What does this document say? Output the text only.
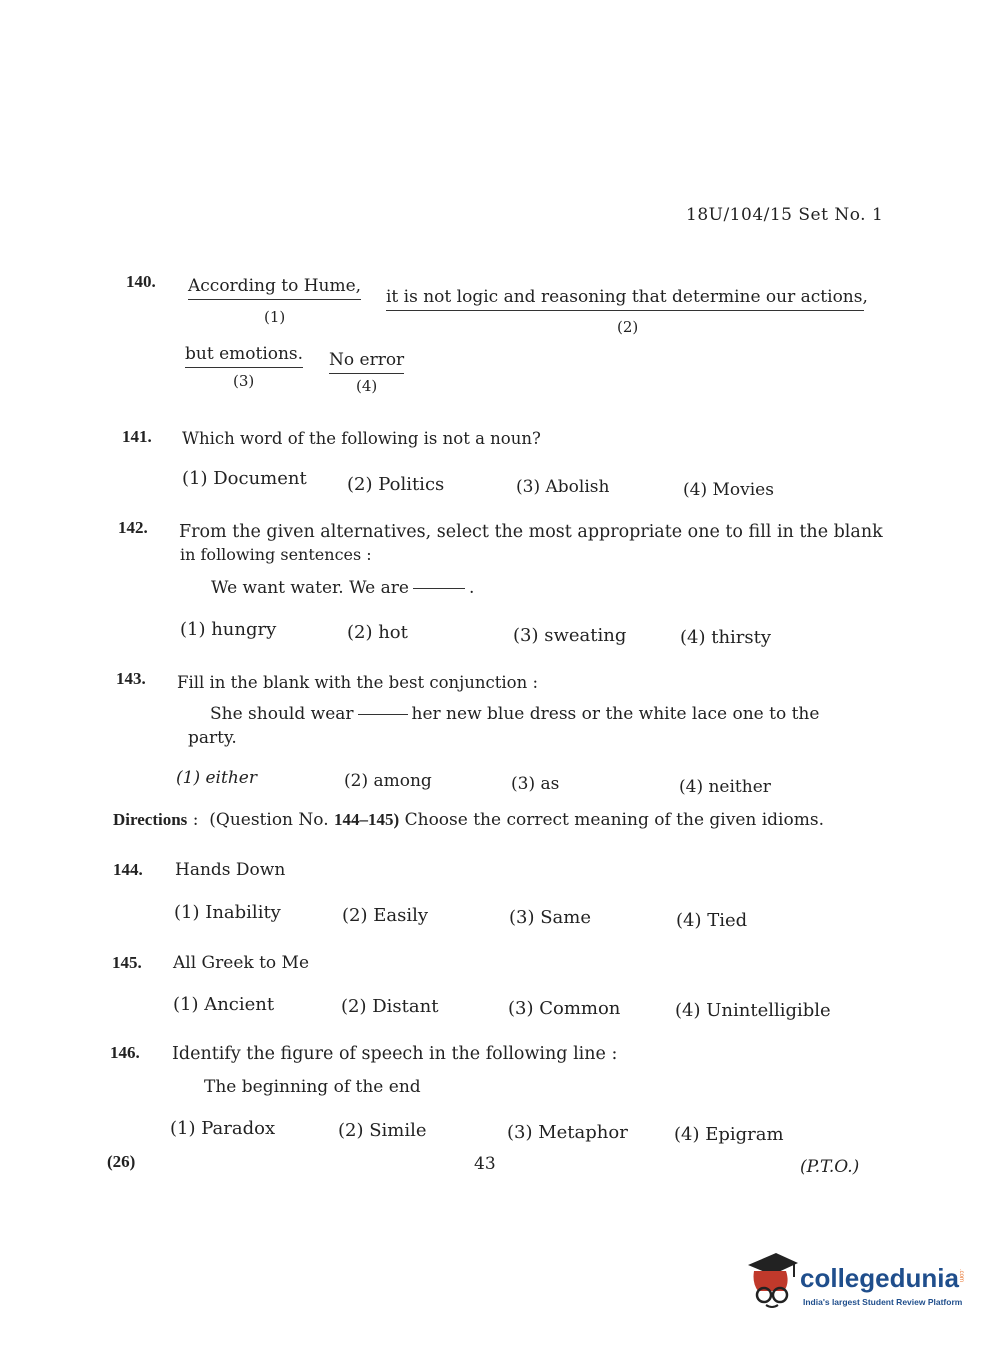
18U/104/15 Set No. 1
140. According to Hume,
(1)
it is not logic and reasoning that determine our actions,
(2)
but emotions.
(3)
No error
(4)
141. Which word of the following is not a noun?
(1) Document (2) Politics	(3) Abolish	(4) Movies
142. From the given alternatives, select the most appropriate one to fill in the blank
in following sentences :
We want water. We are	.
(1) hungry	(2) hot	(3) sweating	(4) thirsty
143. Fill in the blank with the best conjunction :
She should wear	her new blue dress or the white lace one to the
party.
(1) either	(2) among	(3) as	(4) neither
Directions : (Question No. 144–145) Choose the correct meaning of the given idioms.
144. Hands Down
(1) Inability	(2) Easily	(3) Same	(4) Tied
145. All Greek to Me
(1) Ancient	(2) Distant	(3) Common	(4) Unintelligible
146. Identify the figure of speech in the following line :
The beginning of the end
(1) Paradox	(2) Simile	(3) Metaphor	(4) Epigram
(26)	43	(P.T.O.)
collegedunia .com
India's largest Student Review Platform
